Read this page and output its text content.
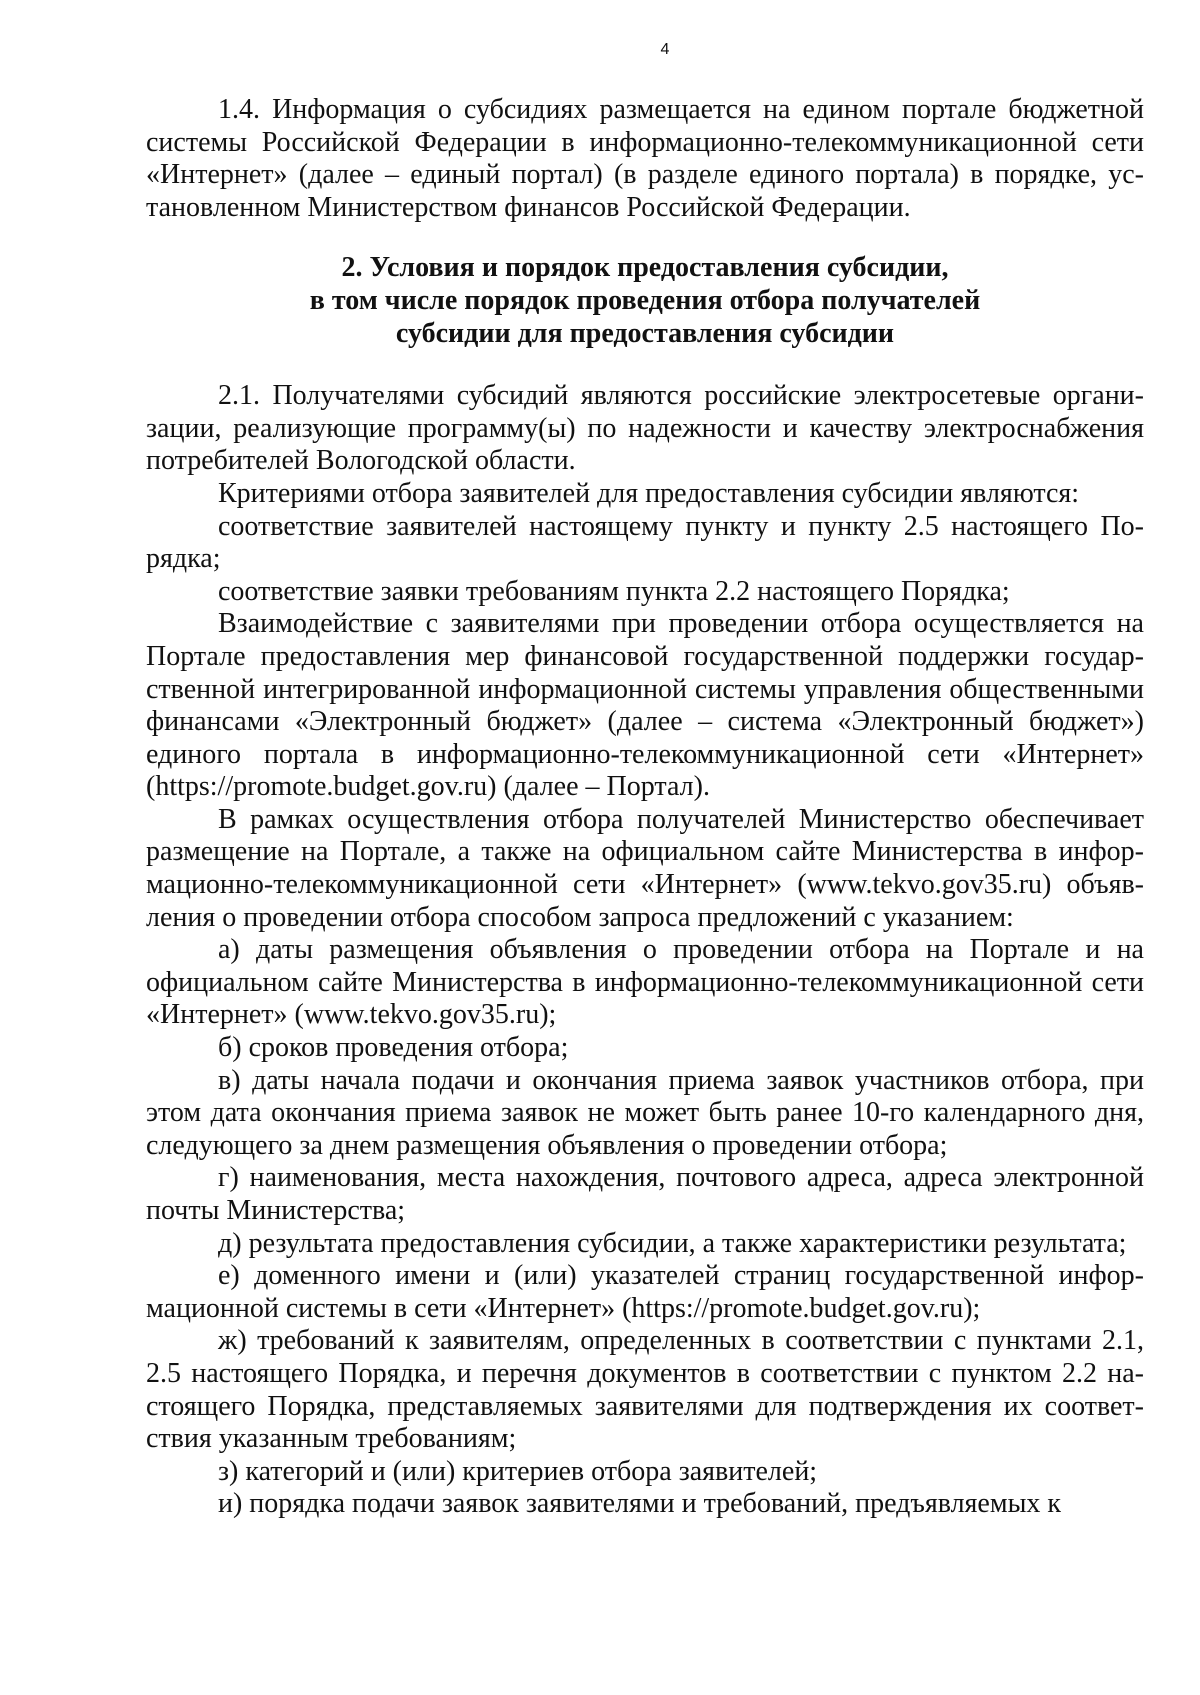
4

1.4. Информация о субсидиях размещается на едином портале бюджетной системы Российской Федерации в информационно-телекоммуникационной сети «Интернет» (далее – единый портал) (в разделе единого портала) в порядке, установленном Министерством финансов Российской Федерации.

2. Условия и порядок предоставления субсидии,
в том числе порядок проведения отбора получателей
субсидии для предоставления субсидии

2.1. Получателями субсидий являются российские электросетевые организации, реализующие программу(ы) по надежности и качеству электроснабжения потребителей Вологодской области.

Критериями отбора заявителей для предоставления субсидии являются:

соответствие заявителей настоящему пункту и пункту 2.5 настоящего Порядка;

соответствие заявки требованиям пункта 2.2 настоящего Порядка;

Взаимодействие с заявителями при проведении отбора осуществляется на Портале предоставления мер финансовой государственной поддержки государственной интегрированной информационной системы управления общественными финансами «Электронный бюджет» (далее – система «Электронный бюджет») единого портала в информационно-телекоммуникационной сети «Интернет» (https://promote.budget.gov.ru) (далее – Портал).

В рамках осуществления отбора получателей Министерство обеспечивает размещение на Портале, а также на официальном сайте Министерства в информационно-телекоммуникационной сети «Интернет» (www.tekvo.gov35.ru) объявления о проведении отбора способом запроса предложений с указанием:

а) даты размещения объявления о проведении отбора на Портале и на официальном сайте Министерства в информационно-телекоммуникационной сети «Интернет» (www.tekvo.gov35.ru);

б) сроков проведения отбора;

в) даты начала подачи и окончания приема заявок участников отбора, при этом дата окончания приема заявок не может быть ранее 10-го календарного дня, следующего за днем размещения объявления о проведении отбора;

г) наименования, места нахождения, почтового адреса, адреса электронной почты Министерства;

д) результата предоставления субсидии, а также характеристики результата;

е) доменного имени и (или) указателей страниц государственной информационной системы в сети «Интернет» (https://promote.budget.gov.ru);

ж) требований к заявителям, определенных в соответствии с пунктами 2.1, 2.5 настоящего Порядка, и перечня документов в соответствии с пунктом 2.2 настоящего Порядка, представляемых заявителями для подтверждения их соответствия указанным требованиям;

з) категорий и (или) критериев отбора заявителей;

и) порядка подачи заявок заявителями и требований, предъявляемых к
